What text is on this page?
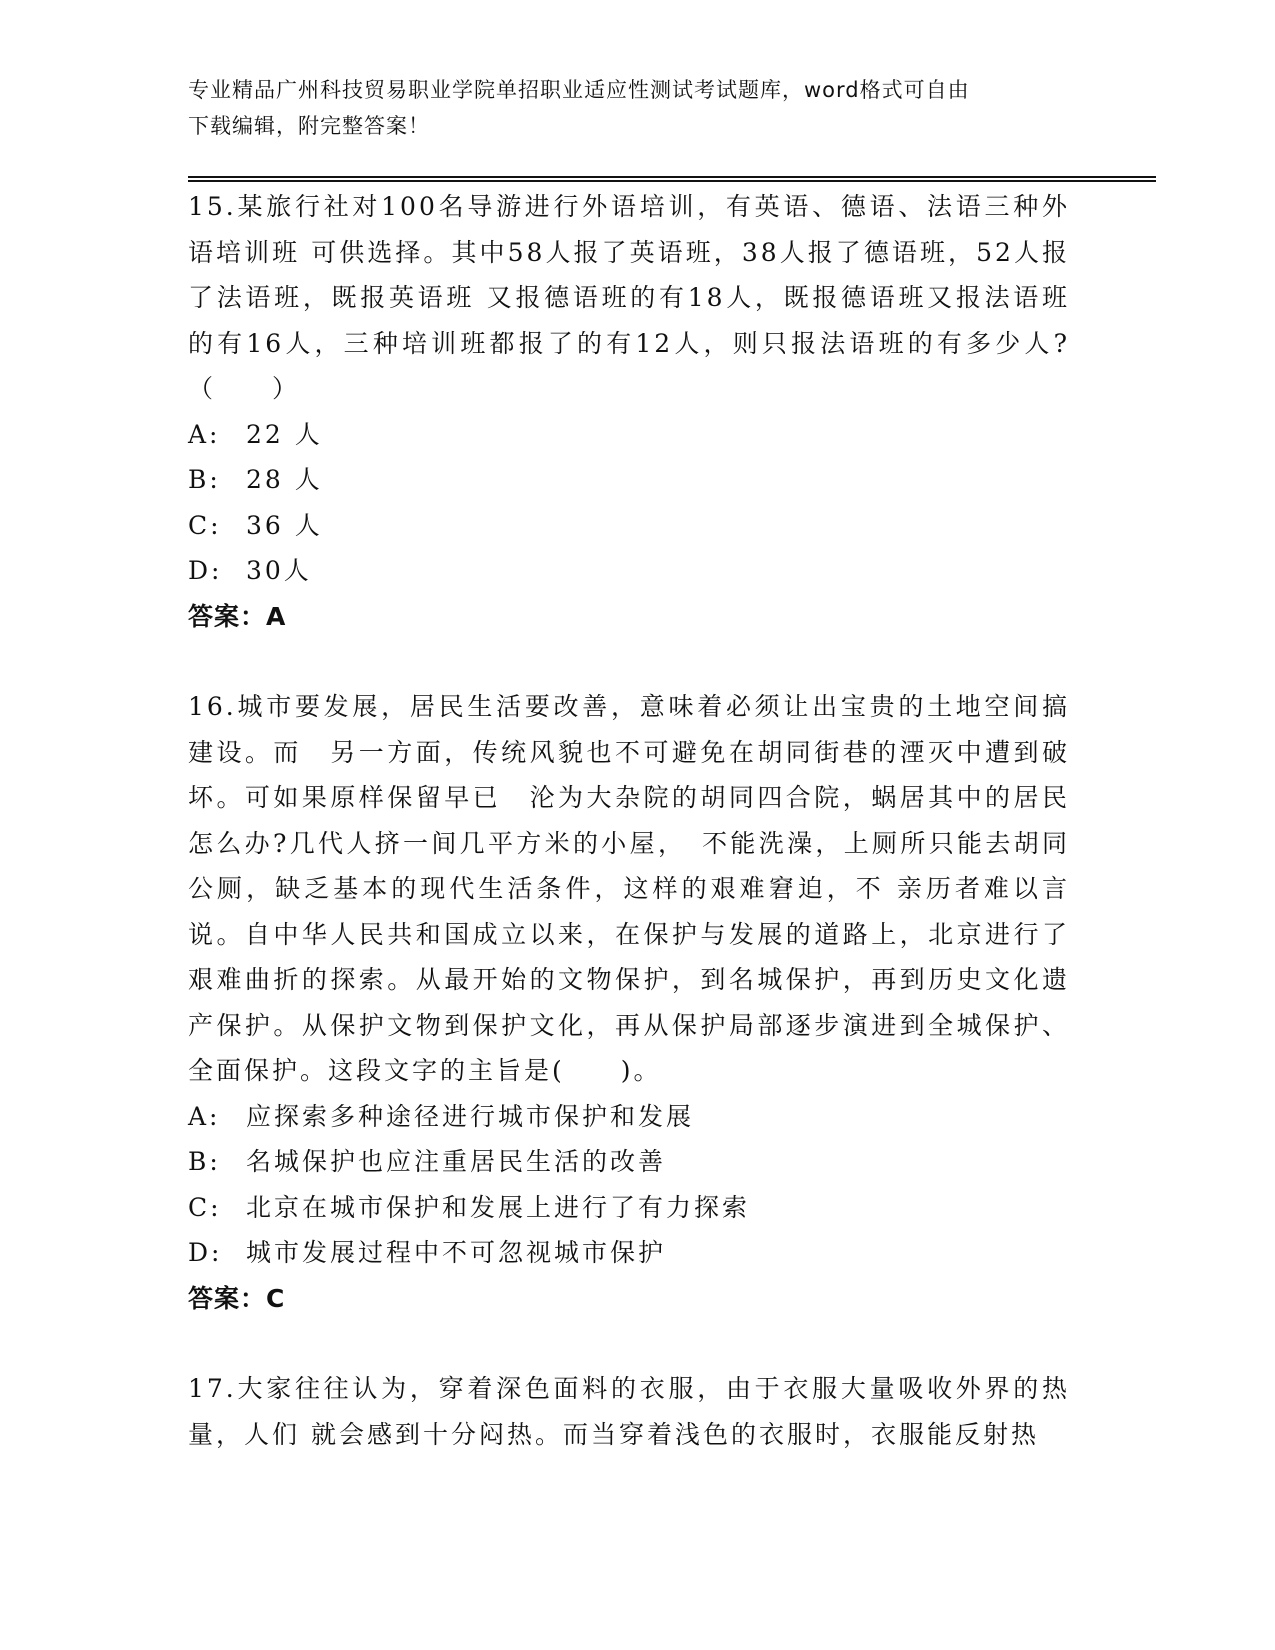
专业精品广州科技贸易职业学院单招职业适应性测试考试题库，word格式可自由
下载编辑，附完整答案！

15.某旅行社对100名导游进行外语培训，有英语、德语、法语三种外语培训班 可供选择。其中58人报了英语班，38人报了德语班，52人报了法语班，既报英语班 又报德语班的有18人，既报德语班又报法语班的有16人，三种培训班都报了的有12人，则只报法语班的有多少人?（　　）

A:	22 人
B:	28 人
C: 36 人
D: 30人

答案：A

16.城市要发展，居民生活要改善，意味着必须让出宝贵的土地空间搞建设。而　另一方面，传统风貌也不可避免在胡同街巷的湮灭中遭到破坏。可如果原样保留早已　沦为大杂院的胡同四合院，蜗居其中的居民怎么办?几代人挤一间几平方米的小屋，　不能洗澡，上厕所只能去胡同公厕，缺乏基本的现代生活条件，这样的艰难窘迫，不 亲历者难以言说。自中华人民共和国成立以来，在保护与发展的道路上，北京进行了 艰难曲折的探索。从最开始的文物保护，到名城保护，再到历史文化遗产保护。从保护文物到保护文化，再从保护局部逐步演进到全城保护、全面保护。这段文字的主旨是(　　)。

A:	应探索多种途径进行城市保护和发展
B:	名城保护也应注重居民生活的改善
C: 北京在城市保护和发展上进行了有力探索
D: 城市发展过程中不可忽视城市保护

答案：C

17.大家往往认为，穿着深色面料的衣服，由于衣服大量吸收外界的热量，人们 就会感到十分闷热。而当穿着浅色的衣服时，衣服能反射热
